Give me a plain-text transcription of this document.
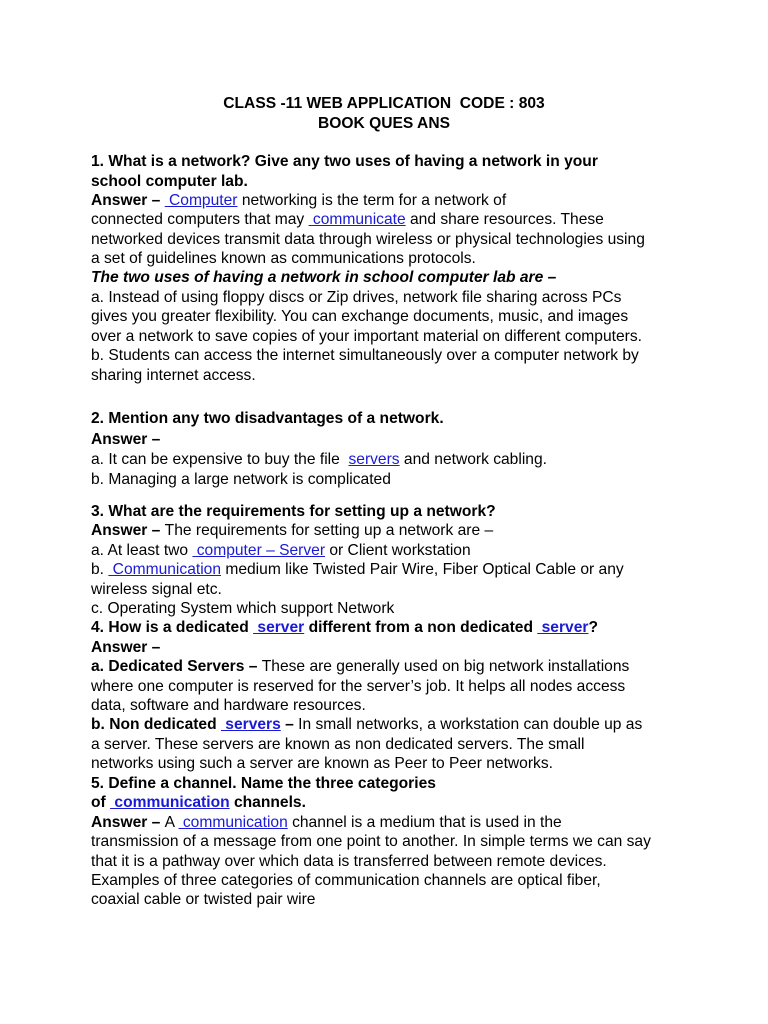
CLASS -11 WEB APPLICATION  CODE : 803
BOOK QUES ANS
1. What is a network? Give any two uses of having a network in your
school computer lab.
Answer –  Computer networking is the term for a network of
connected computers that may  communicate and share resources. These
networked devices transmit data through wireless or physical technologies using
a set of guidelines known as communications protocols.
The two uses of having a network in school computer lab are –
a. Instead of using floppy discs or Zip drives, network file sharing across PCs
gives you greater flexibility. You can exchange documents, music, and images
over a network to save copies of your important material on different computers.
b. Students can access the internet simultaneously over a computer network by
sharing internet access.
2. Mention any two disadvantages of a network.
Answer –
a. It can be expensive to buy the file  servers and network cabling.
b. Managing a large network is complicated
3. What are the requirements for setting up a network?
Answer – The requirements for setting up a network are –
a. At least two  computer – Server or Client workstation
b.  Communication medium like Twisted Pair Wire, Fiber Optical Cable or any
wireless signal etc.
c. Operating System which support Network
4. How is a dedicated  server different from a non dedicated  server?
Answer –
a. Dedicated Servers – These are generally used on big network installations
where one computer is reserved for the server’s job. It helps all nodes access
data, software and hardware resources.
b. Non dedicated  servers – In small networks, a workstation can double up as
a server. These servers are known as non dedicated servers. The small
networks using such a server are known as Peer to Peer networks.
5. Define a channel. Name the three categories
of  communication channels.
Answer – A  communication channel is a medium that is used in the
transmission of a message from one point to another. In simple terms we can say
that it is a pathway over which data is transferred between remote devices.
Examples of three categories of communication channels are optical fiber,
coaxial cable or twisted pair wire
